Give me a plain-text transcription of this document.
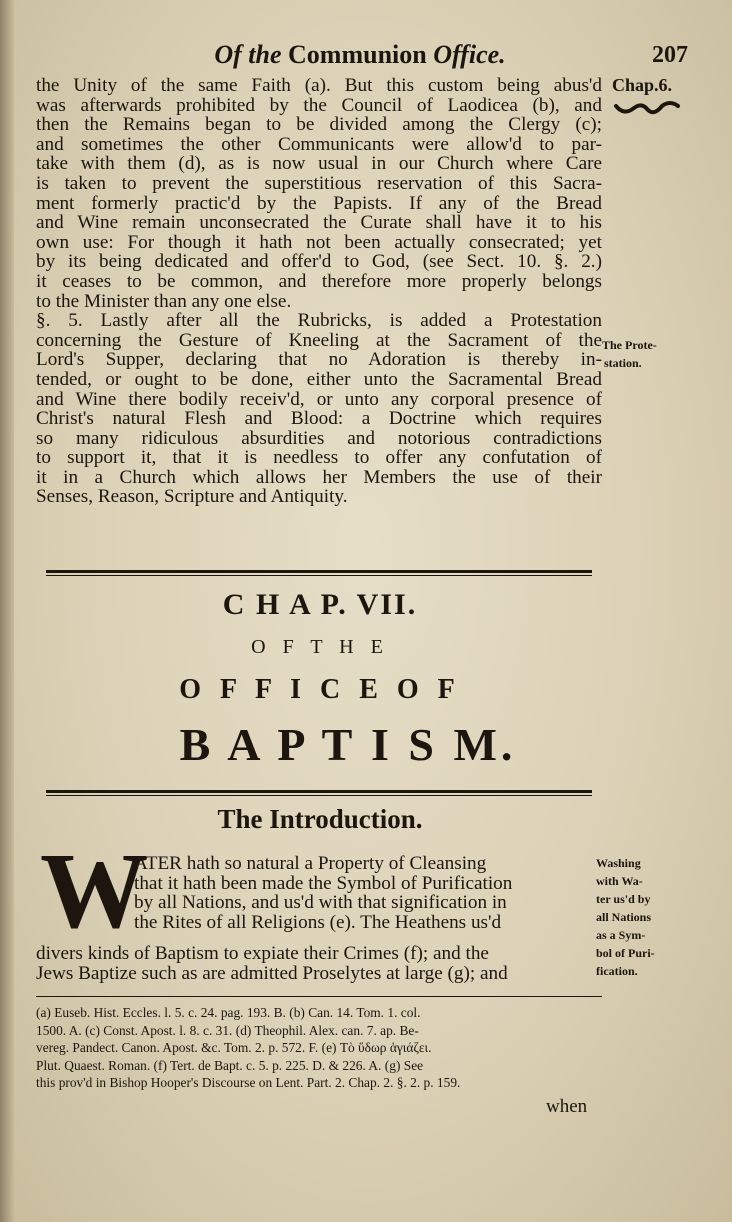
Of the Communion Office.	207
the Unity of the same Faith (a). But this custom being abus'd
was afterwards prohibited by the Council of Laodicea (b), and
then the Remains began to be divided among the Clergy (c);
and sometimes the other Communicants were allow'd to par-
take with them (d), as is now usual in our Church where Care
is taken to prevent the superstitious reservation of this Sacra-
ment formerly practic'd by the Papists. If any of the Bread
and Wine remain unconsecrated the Curate shall have it to his
own use: For though it hath not been actually consecrated; yet
by its being dedicated and offer'd to God, (see Sect. 10. §. 2.)
it ceases to be common, and therefore more properly belongs
to the Minister than any one else.
§. 5. Lastly after all the Rubricks, is added a Protestation
concerning the Gesture of Kneeling at the Sacrament of the
Lord's Supper, declaring that no Adoration is thereby in-
tended, or ought to be done, either unto the Sacramental Bread
and Wine there bodily receiv'd, or unto any corporal presence of
Christ's natural Flesh and Blood: a Doctrine which requires
so many ridiculous absurdities and notorious contradictions
to support it, that it is needless to offer any confutation of
it in a Church which allows her Members the use of their
Senses, Reason, Scripture and Antiquity.
Chap.6.
The Prote-
station.
C H A P. VII.
O F T H E
O F F I C E O F
B A P T I S M.
The Introduction.
W
ATER hath so natural a Property of Cleansing
that it hath been made the Symbol of Purification
by all Nations, and us'd with that signification in
the Rites of all Religions (e). The Heathens us'd
divers kinds of Baptism to expiate their Crimes (f); and the
Jews Baptize such as are admitted Proselytes at large (g); and
Washing
with Wa-
ter us'd by
all Nations
as a Sym-
bol of Puri-
fication.
(a) Euseb. Hist. Eccles. l. 5. c. 24. pag. 193. B. (b) Can. 14. Tom. 1. col.
1500. A. (c) Const. Apost. l. 8. c. 31. (d) Theophil. Alex. can. 7. ap. Be-
vereg. Pandect. Canon. Apost. &c. Tom. 2. p. 572. F. (e) Τὸ ὕδωρ ἁγιάζει.
Plut. Quaest. Roman. (f) Tert. de Bapt. c. 5. p. 225. D. & 226. A. (g) See
this prov'd in Bishop Hooper's Discourse on Lent. Part. 2. Chap. 2. §. 2. p. 159.
when
